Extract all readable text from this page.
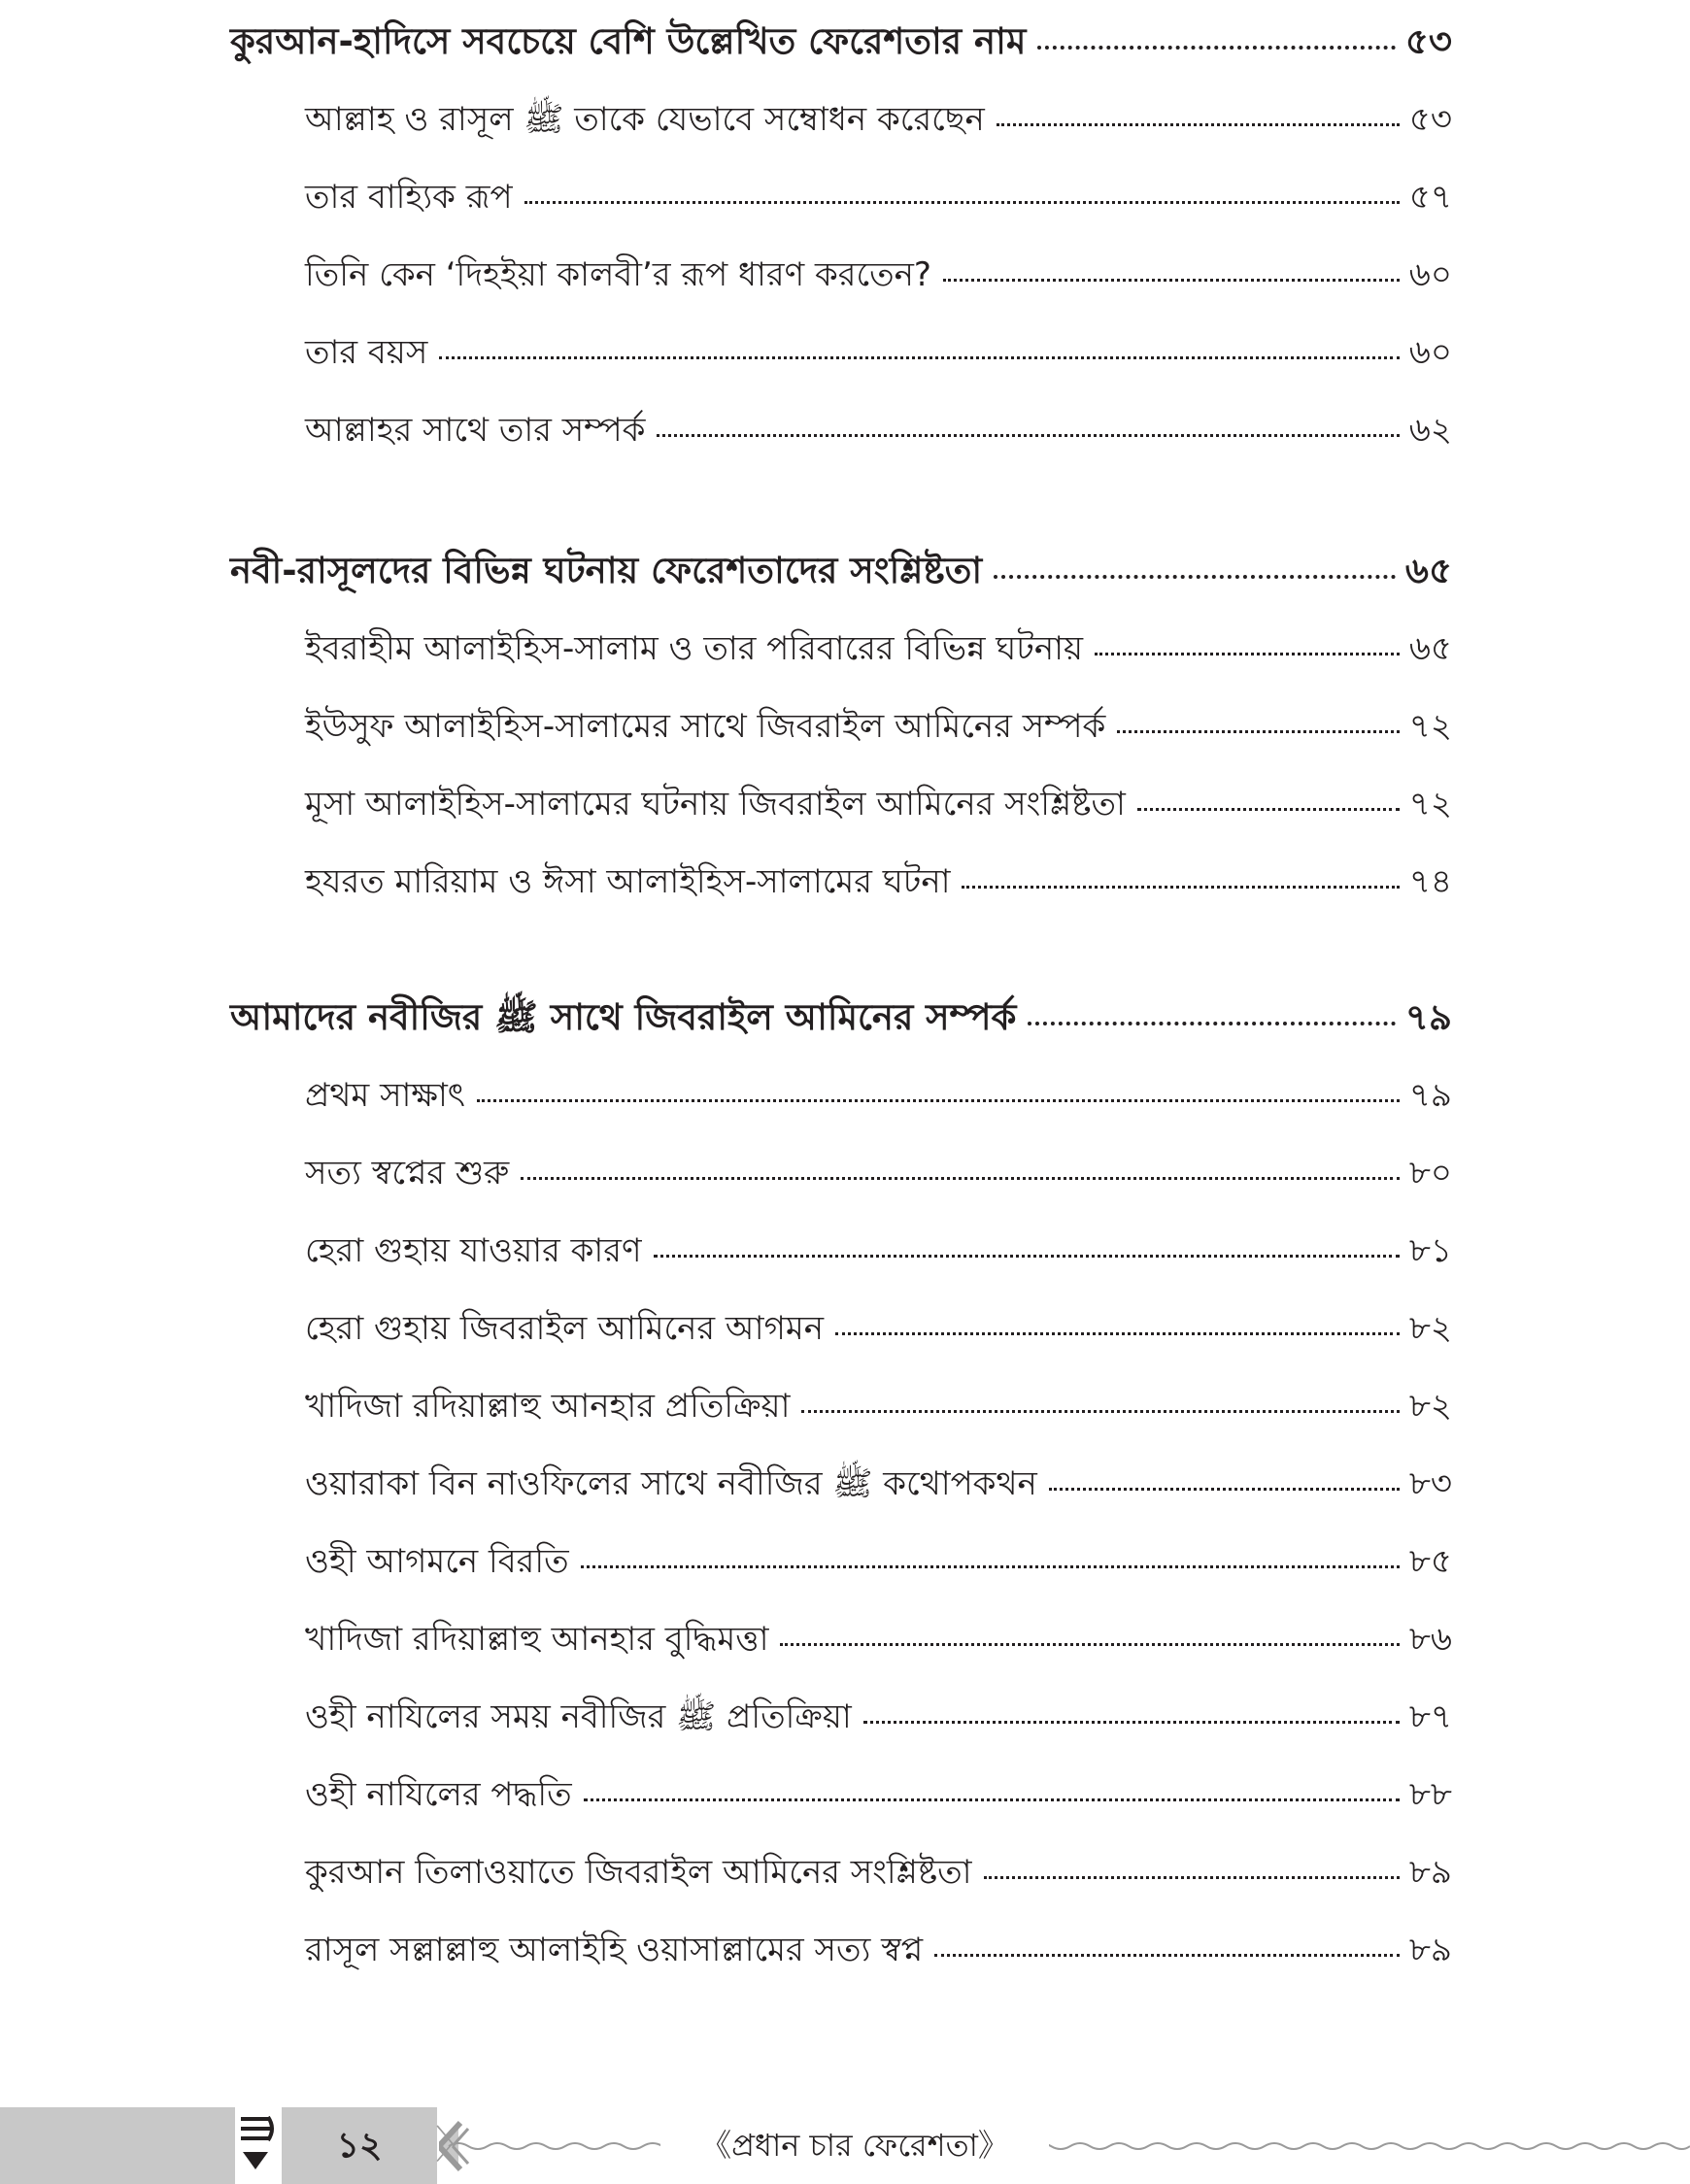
কুরআন-হাদিসে সবচেয়ে বেশি উল্লেখিত ফেরেশতার নাম	৫৩
আল্লাহ ও রাসূল ﷺ তাকে যেভাবে সম্বোধন করেছেন	৫৩
তার বাহ্যিক রূপ	৫৭
তিনি কেন ‘দিহইয়া কালবী’র রূপ ধারণ করতেন?	৬০
তার বয়স	৬০
আল্লাহর সাথে তার সম্পর্ক	৬২
নবী-রাসূলদের বিভিন্ন ঘটনায় ফেরেশতাদের সংশ্লিষ্টতা	৬৫
ইবরাহীম আলাইহিস-সালাম ও তার পরিবারের বিভিন্ন ঘটনায়	৬৫
ইউসুফ আলাইহিস-সালামের সাথে জিবরাইল আমিনের সম্পর্ক	৭২
মূসা আলাইহিস-সালামের ঘটনায় জিবরাইল আমিনের সংশ্লিষ্টতা	৭২
হযরত মারিয়াম ও ঈসা আলাইহিস-সালামের ঘটনা	৭৪
আমাদের নবীজির ﷺ সাথে জিবরাইল আমিনের সম্পর্ক	৭৯
প্রথম সাক্ষাৎ	৭৯
সত্য স্বপ্নের শুরু	৮০
হেরা গুহায় যাওয়ার কারণ	৮১
হেরা গুহায় জিবরাইল আমিনের আগমন	৮২
খাদিজা রদিয়াল্লাহু আনহার প্রতিক্রিয়া	৮২
ওয়ারাকা বিন নাওফিলের সাথে নবীজির ﷺ কথোপকথন	৮৩
ওহী আগমনে বিরতি	৮৫
খাদিজা রদিয়াল্লাহু আনহার বুদ্ধিমত্তা	৮৬
ওহী নাযিলের সময় নবীজির ﷺ প্রতিক্রিয়া	৮৭
ওহী নাযিলের পদ্ধতি	৮৮
কুরআন তিলাওয়াতে জিবরাইল আমিনের সংশ্লিষ্টতা	৮৯
রাসূল সল্লাল্লাহু আলাইহি ওয়াসাল্লামের সত্য স্বপ্ন	৮৯
১২	《প্রধান চার ফেরেশতা》
〉
